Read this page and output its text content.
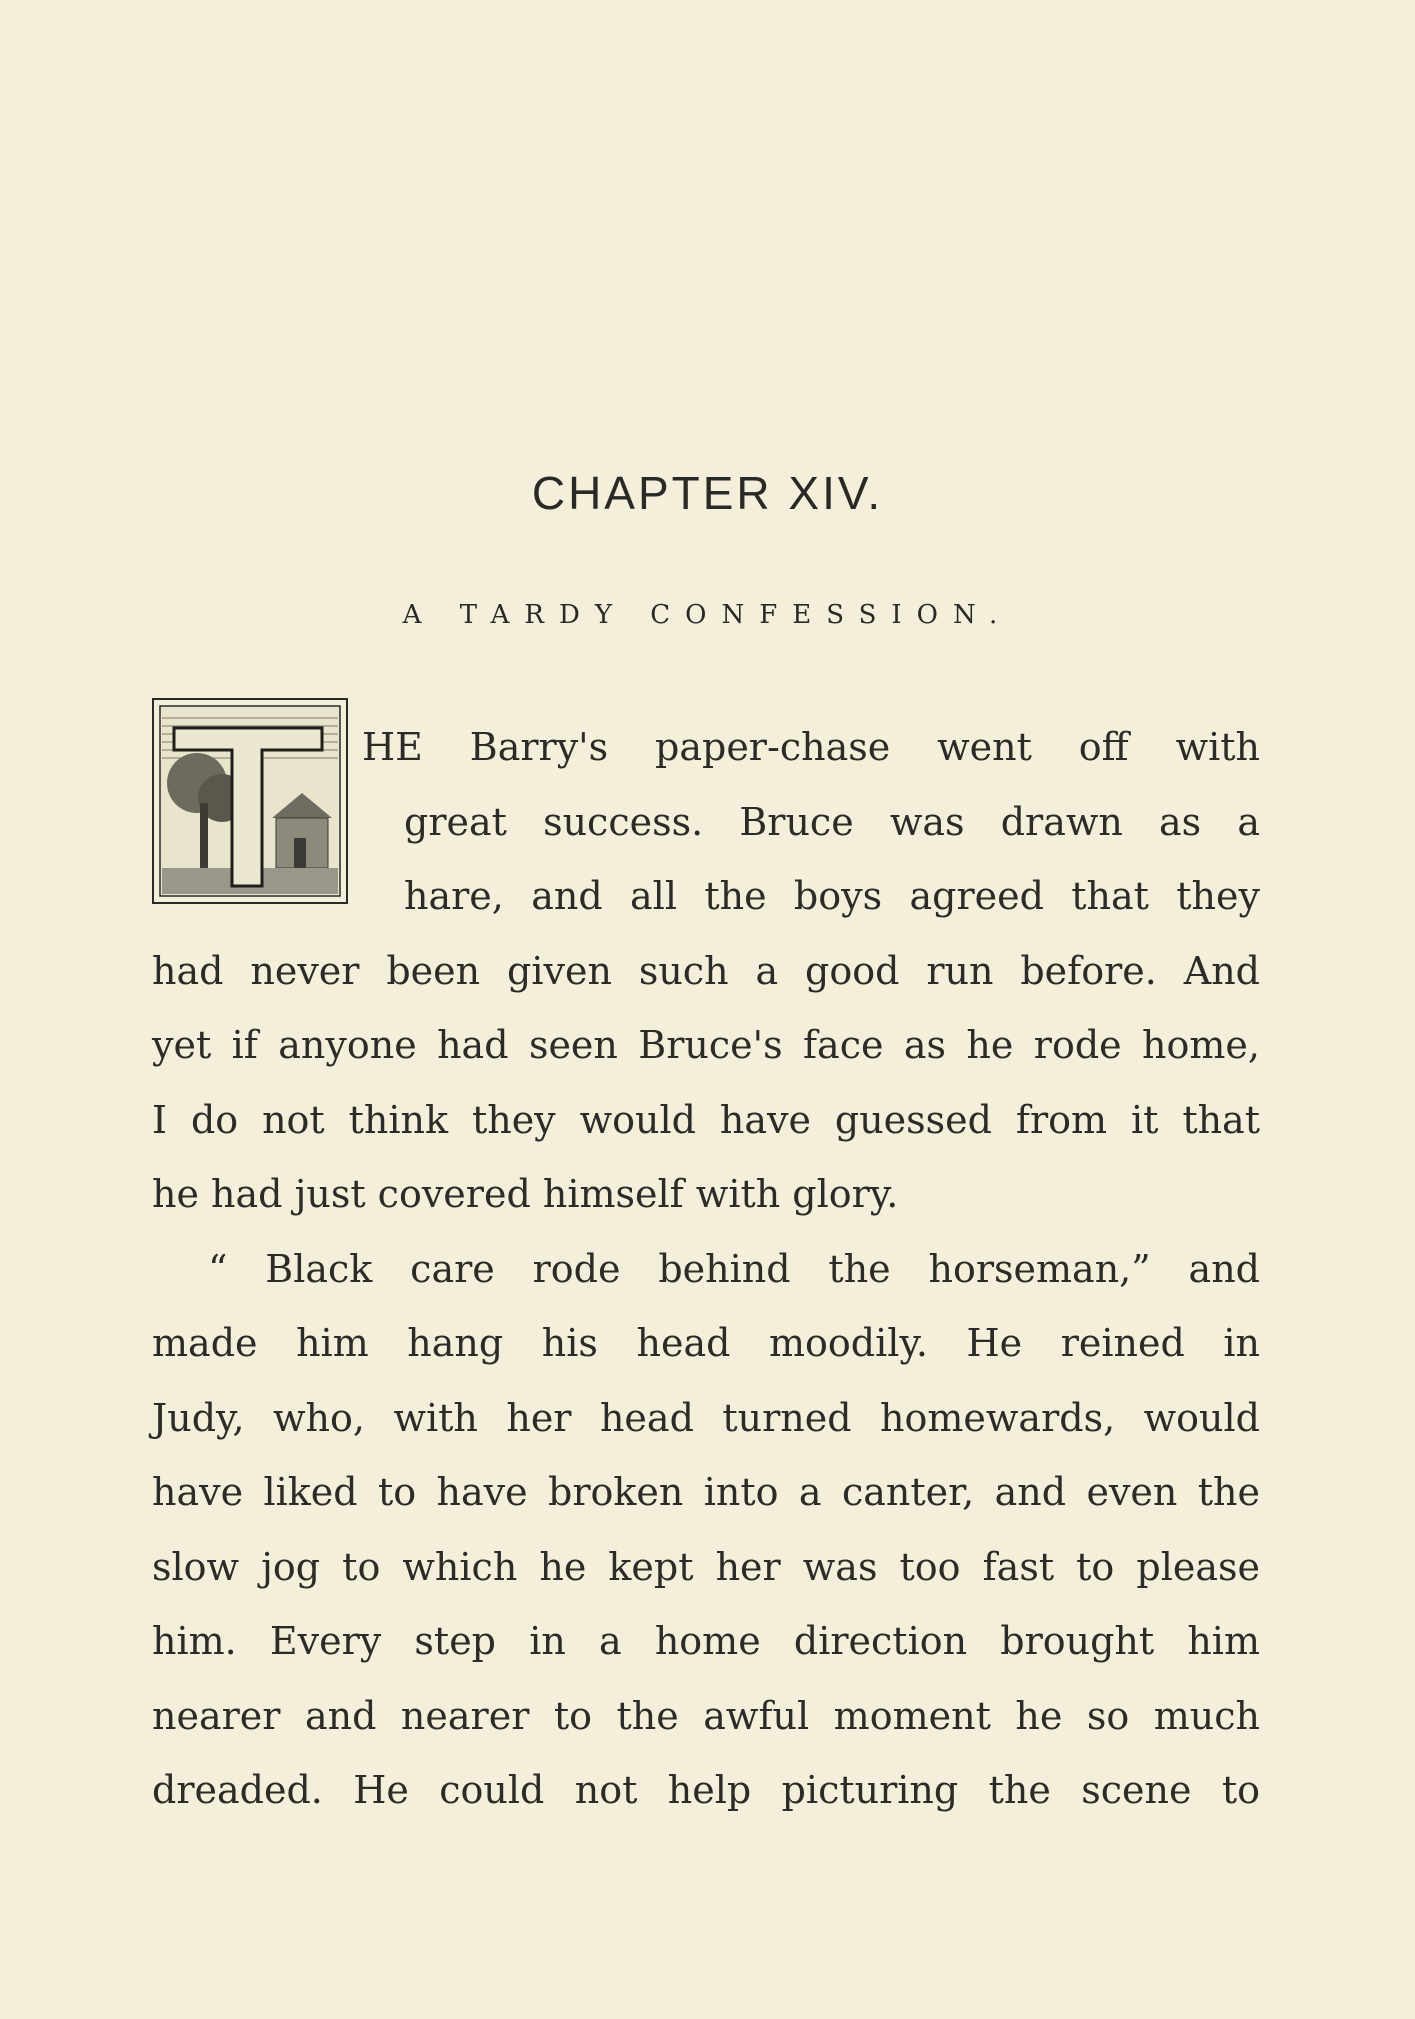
CHAPTER XIV.
A TARDY CONFESSION.
HE Barry's paper-chase went off with
great success. Bruce was drawn as a
hare, and all the boys agreed that they
had never been given such a good run before. And
yet if anyone had seen Bruce's face as he rode home,
I do not think they would have guessed from it that
he had just covered himself with glory.
“ Black care rode behind the horseman,” and
made him hang his head moodily. He reined in
Judy, who, with her head turned homewards, would
have liked to have broken into a canter, and even the
slow jog to which he kept her was too fast to please
him. Every step in a home direction brought him
nearer and nearer to the awful moment he so much
dreaded. He could not help picturing the scene to
